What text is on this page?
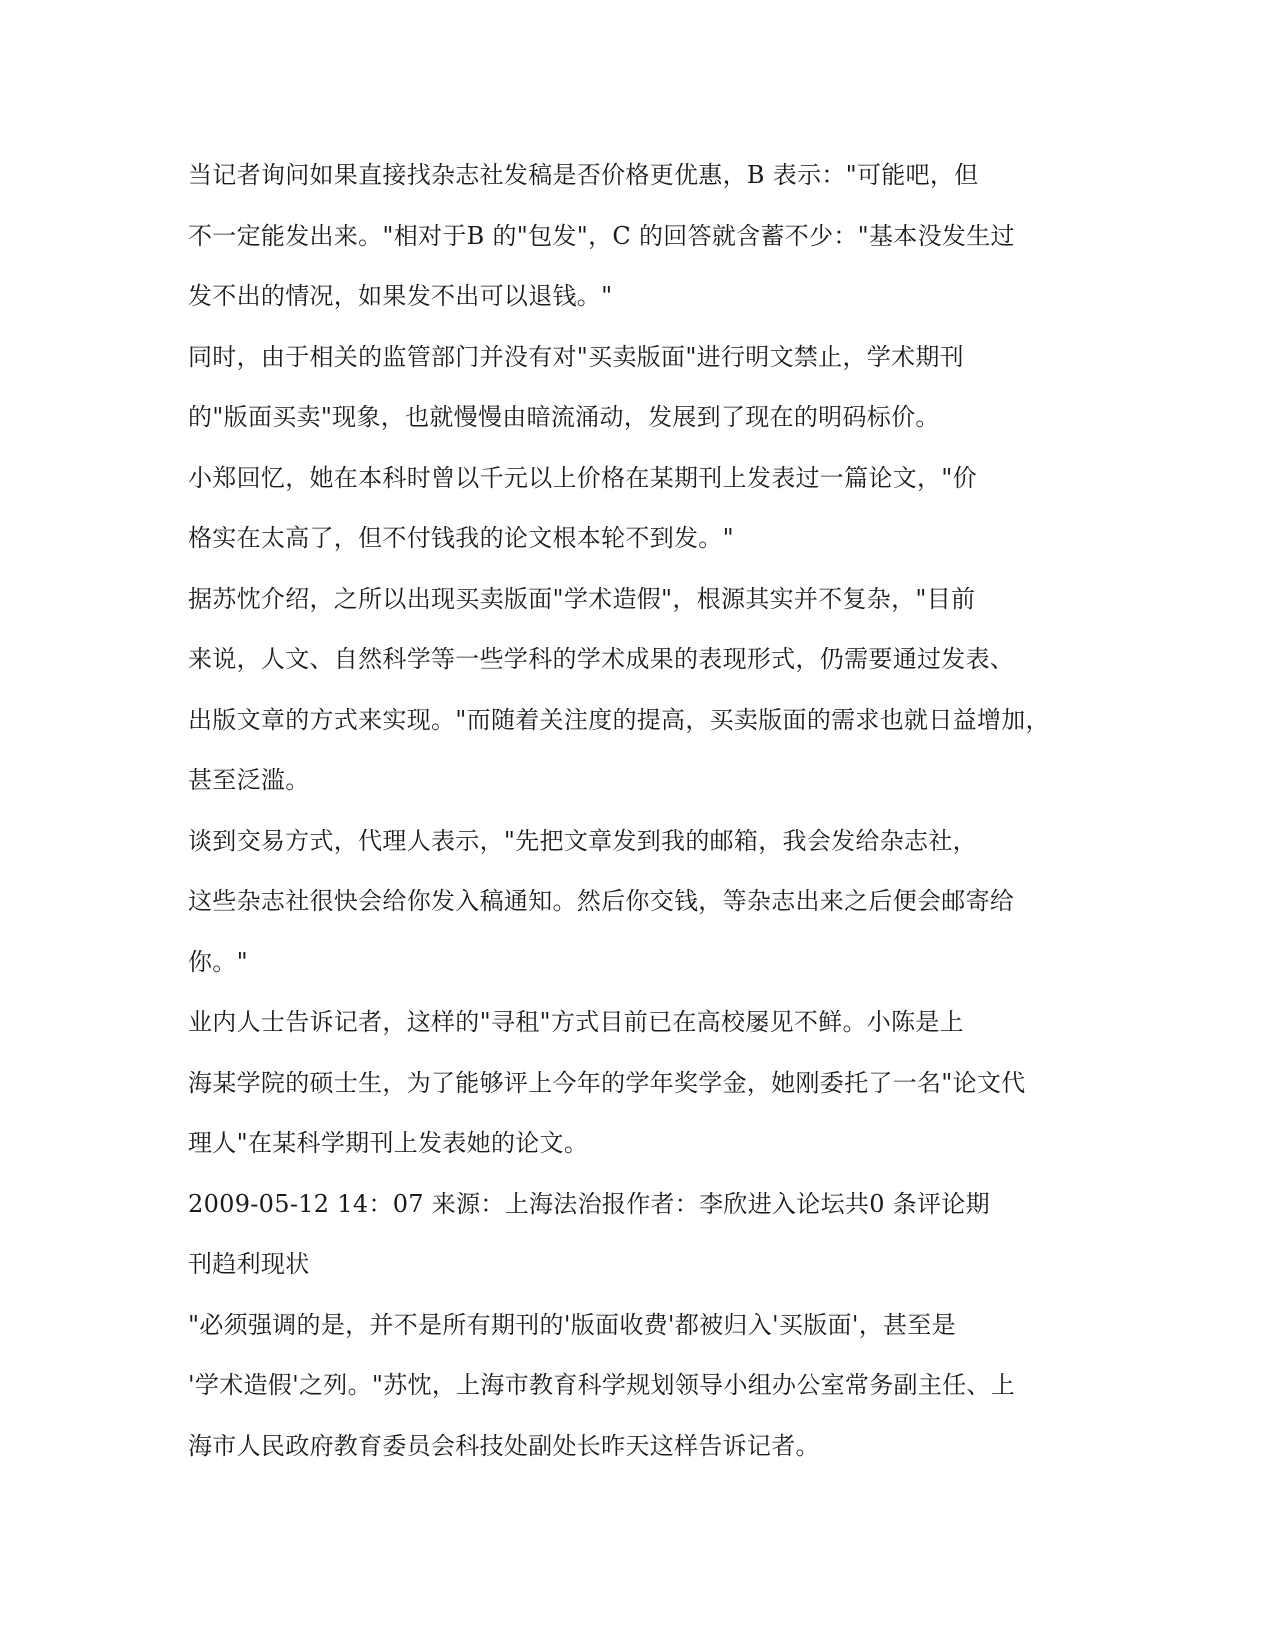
当记者询问如果直接找杂志社发稿是否价格更优惠，B 表示："可能吧，但
不一定能发出来。"相对于B 的"包发"，C 的回答就含蓄不少："基本没发生过
发不出的情况，如果发不出可以退钱。"
同时，由于相关的监管部门并没有对"买卖版面"进行明文禁止，学术期刊
的"版面买卖"现象，也就慢慢由暗流涌动，发展到了现在的明码标价。
小郑回忆，她在本科时曾以千元以上价格在某期刊上发表过一篇论文，"价
格实在太高了，但不付钱我的论文根本轮不到发。"
据苏忱介绍，之所以出现买卖版面"学术造假"，根源其实并不复杂，"目前
来说，人文、自然科学等一些学科的学术成果的表现形式，仍需要通过发表、
出版文章的方式来实现。"而随着关注度的提高，买卖版面的需求也就日益增加，
甚至泛滥。
谈到交易方式，代理人表示，"先把文章发到我的邮箱，我会发给杂志社，
这些杂志社很快会给你发入稿通知。然后你交钱，等杂志出来之后便会邮寄给
你。"
业内人士告诉记者，这样的"寻租"方式目前已在高校屡见不鲜。小陈是上
海某学院的硕士生，为了能够评上今年的学年奖学金，她刚委托了一名"论文代
理人"在某科学期刊上发表她的论文。
2009-05-12 14：07 来源：上海法治报作者：李欣进入论坛共0 条评论期
刊趋利现状
"必须强调的是，并不是所有期刊的'版面收费'都被归入'买版面'，甚至是
'学术造假'之列。"苏忱，上海市教育科学规划领导小组办公室常务副主任、上
海市人民政府教育委员会科技处副处长昨天这样告诉记者。
